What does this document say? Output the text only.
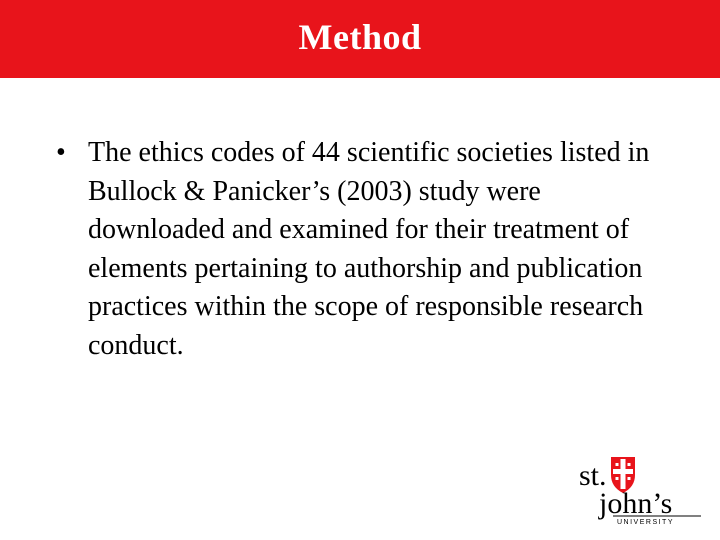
Method
• The ethics codes of 44 scientific societies listed in Bullock & Panicker’s (2003) study were downloaded and examined for their treatment of elements pertaining to authorship and publication practices within the scope of responsible research conduct.
st.
john’s
UNIVERSITY
